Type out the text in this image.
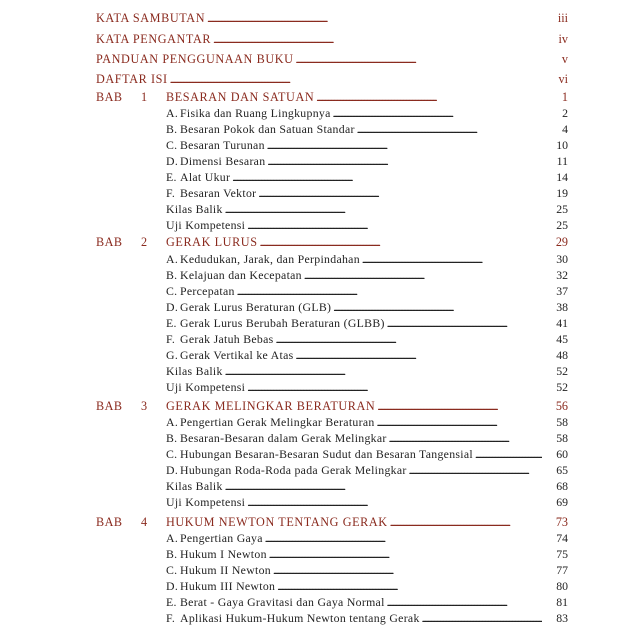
KATA SAMBUTAN . . .	iii
KATA PENGANTAR . . .	iv
PANDUAN PENGGUNAAN BUKU . . .	v
DAFTAR ISI . . .	vi
BAB 1 BESARAN DAN SATUAN . . .	1
A. Fisika dan Ruang Lingkupnya . . .	2
B. Besaran Pokok dan Satuan Standar . . .	4
C. Besaran Turunan . . .	10
D. Dimensi Besaran . . .	11
E. Alat Ukur . . .	14
F. Besaran Vektor . . .	19
Kilas Balik . . .	25
Uji Kompetensi . . .	25
BAB 2 GERAK LURUS . . .	29
A. Kedudukan, Jarak, dan Perpindahan . . .	30
B. Kelajuan dan Kecepatan . . .	32
C. Percepatan . . .	37
D. Gerak Lurus Beraturan (GLB) . . .	38
E. Gerak Lurus Berubah Beraturan (GLBB) . . .	41
F. Gerak Jatuh Bebas . . .	45
G. Gerak Vertikal ke Atas . . .	48
Kilas Balik . . .	52
Uji Kompetensi . . .	52
BAB 3 GERAK MELINGKAR BERATURAN . . .	56
A. Pengertian Gerak Melingkar Beraturan . . .	58
B. Besaran-Besaran dalam Gerak Melingkar . . .	58
C. Hubungan Besaran-Besaran Sudut dan Besaran Tangensial . . .	60
D. Hubungan Roda-Roda pada Gerak Melingkar . . .	65
Kilas Balik . . .	68
Uji Kompetensi . . .	69
BAB 4 HUKUM NEWTON TENTANG GERAK . . .	73
A. Pengertian Gaya . . .	74
B. Hukum I Newton . . .	75
C. Hukum II Newton . . .	77
D. Hukum III Newton . . .	80
E. Berat - Gaya Gravitasi dan Gaya Normal . . .	81
F. Aplikasi Hukum-Hukum Newton tentang Gerak . . .	83
